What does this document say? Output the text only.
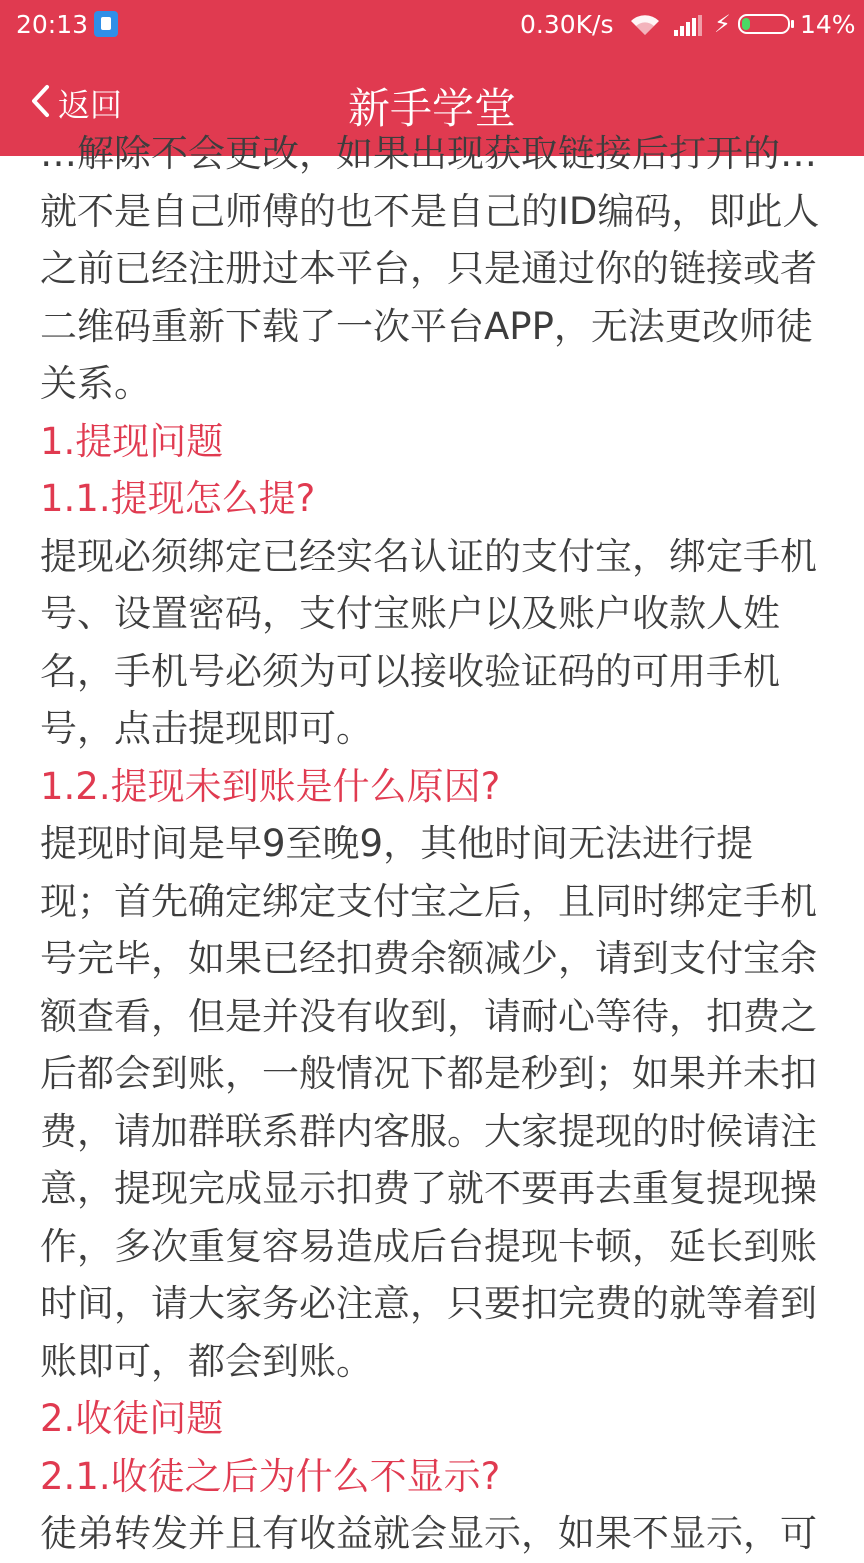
20:13	0.30K/s	⚡	14%
返回	新手学堂

…解除不会更改，如果出现获取链接后打开的…就不是自己师傅的也不是自己的ID编码，即此人之前已经注册过本平台，只是通过你的链接或者二维码重新下载了一次平台APP，无法更改师徒关系。

1.提现问题

1.1.提现怎么提?

提现必须绑定已经实名认证的支付宝，绑定手机号、设置密码，支付宝账户以及账户收款人姓名，手机号必须为可以接收验证码的可用手机号，点击提现即可。

1.2.提现未到账是什么原因?

提现时间是早9至晚9，其他时间无法进行提现；首先确定绑定支付宝之后，且同时绑定手机号完毕，如果已经扣费余额减少，请到支付宝余额查看，但是并没有收到，请耐心等待，扣费之后都会到账，一般情况下都是秒到；如果并未扣费，请加群联系群内客服。大家提现的时候请注意，提现完成显示扣费了就不要再去重复提现操作，多次重复容易造成后台提现卡顿，延长到账时间，请大家务必注意，只要扣完费的就等着到账即可，都会到账。

2.收徒问题

2.1.收徒之后为什么不显示?

徒弟转发并且有收益就会显示，如果不显示，可
